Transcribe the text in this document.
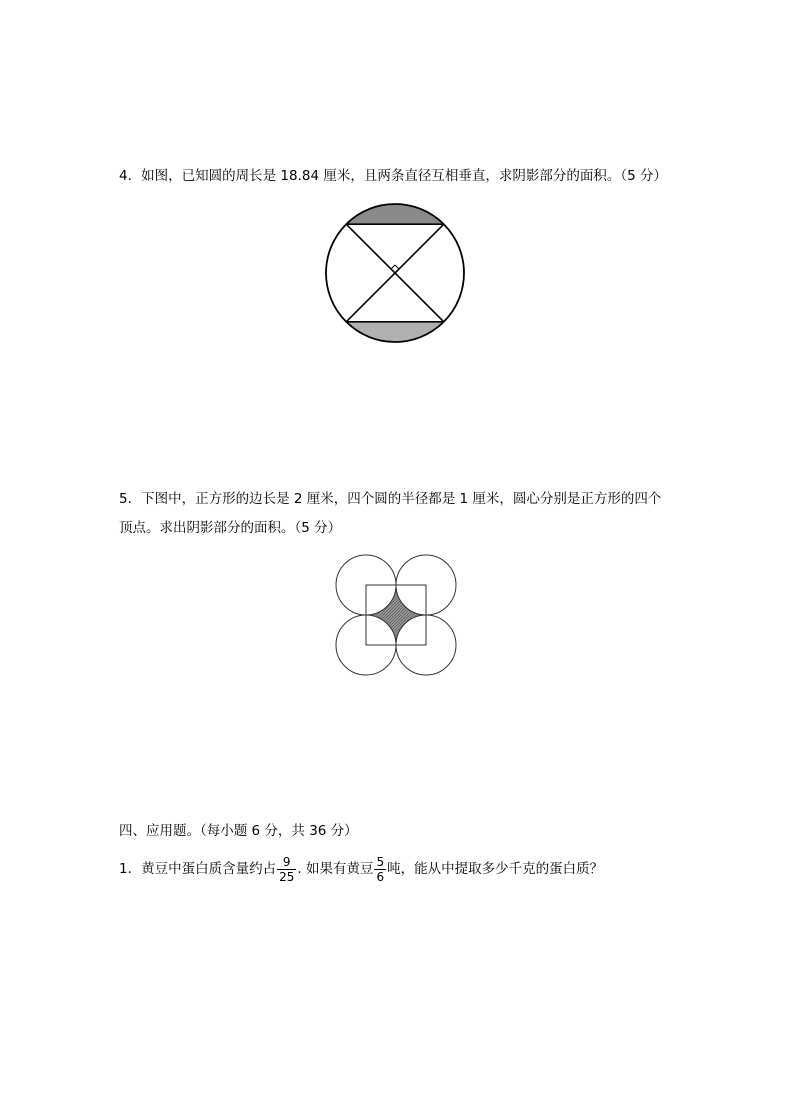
4．如图，已知圆的周长是 18.84 厘米，且两条直径互相垂直，求阴影部分的面积。（5 分）
5．下图中，正方形的边长是 2 厘米，四个圆的半径都是 1 厘米，圆心分别是正方形的四个
顶点。求出阴影部分的面积。（5 分）
四、应用题。（每小题 6 分，共 36 分）
1．黄豆中蛋白质含量约占 $\frac{9}{25}$ . 如果有黄豆 $\frac{5}{6}$ 吨，能从中提取多少千克的蛋白质？
